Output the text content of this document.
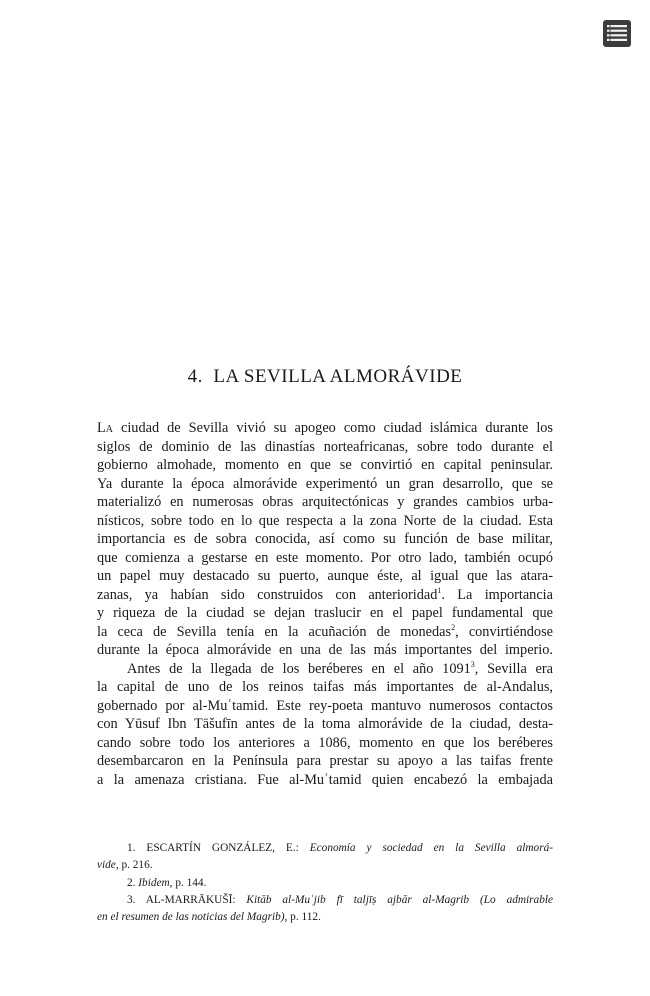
4. LA SEVILLA ALMORÁVIDE
La ciudad de Sevilla vivió su apogeo como ciudad islámica durante los
siglos de dominio de las dinastías norteafricanas, sobre todo durante el
gobierno almohade, momento en que se convirtió en capital peninsular.
Ya durante la época almorávide experimentó un gran desarrollo, que se
materializó en numerosas obras arquitectónicas y grandes cambios urba-
nísticos, sobre todo en lo que respecta a la zona Norte de la ciudad. Esta
importancia es de sobra conocida, así como su función de base militar,
que comienza a gestarse en este momento. Por otro lado, también ocupó
un papel muy destacado su puerto, aunque éste, al igual que las atara-
zanas, ya habían sido construidos con anterioridad$^1$. La importancia
y riqueza de la ciudad se dejan traslucir en el papel fundamental que
la ceca de Sevilla tenía en la acuñación de monedas$^2$, convirtiéndose
durante la época almorávide en una de las más importantes del imperio.
Antes de la llegada de los beréberes en el año 1091$^3$, Sevilla era
la capital de uno de los reinos taifas más importantes de al-Andalus,
gobernado por al-Muʿtamid. Este rey-poeta mantuvo numerosos contactos
con Yūsuf Ibn Tāšufīn antes de la toma almorávide de la ciudad, desta-
cando sobre todo los anteriores a 1086, momento en que los beréberes
desembarcaron en la Península para prestar su apoyo a las taifas frente
a la amenaza cristiana. Fue al-Muʿtamid quien encabezó la embajada
1. ESCARTÍN GONZÁLEZ, E.: Economía y sociedad en la Sevilla almorá-
vide, p. 216.
2. Ibidem, p. 144.
3. AL-MARRĀKUŠĪ: Kitāb al-Muʿjib fī taljīṣ ajbār al-Magrib (Lo admirable
en el resumen de las noticias del Magrib), p. 112.
